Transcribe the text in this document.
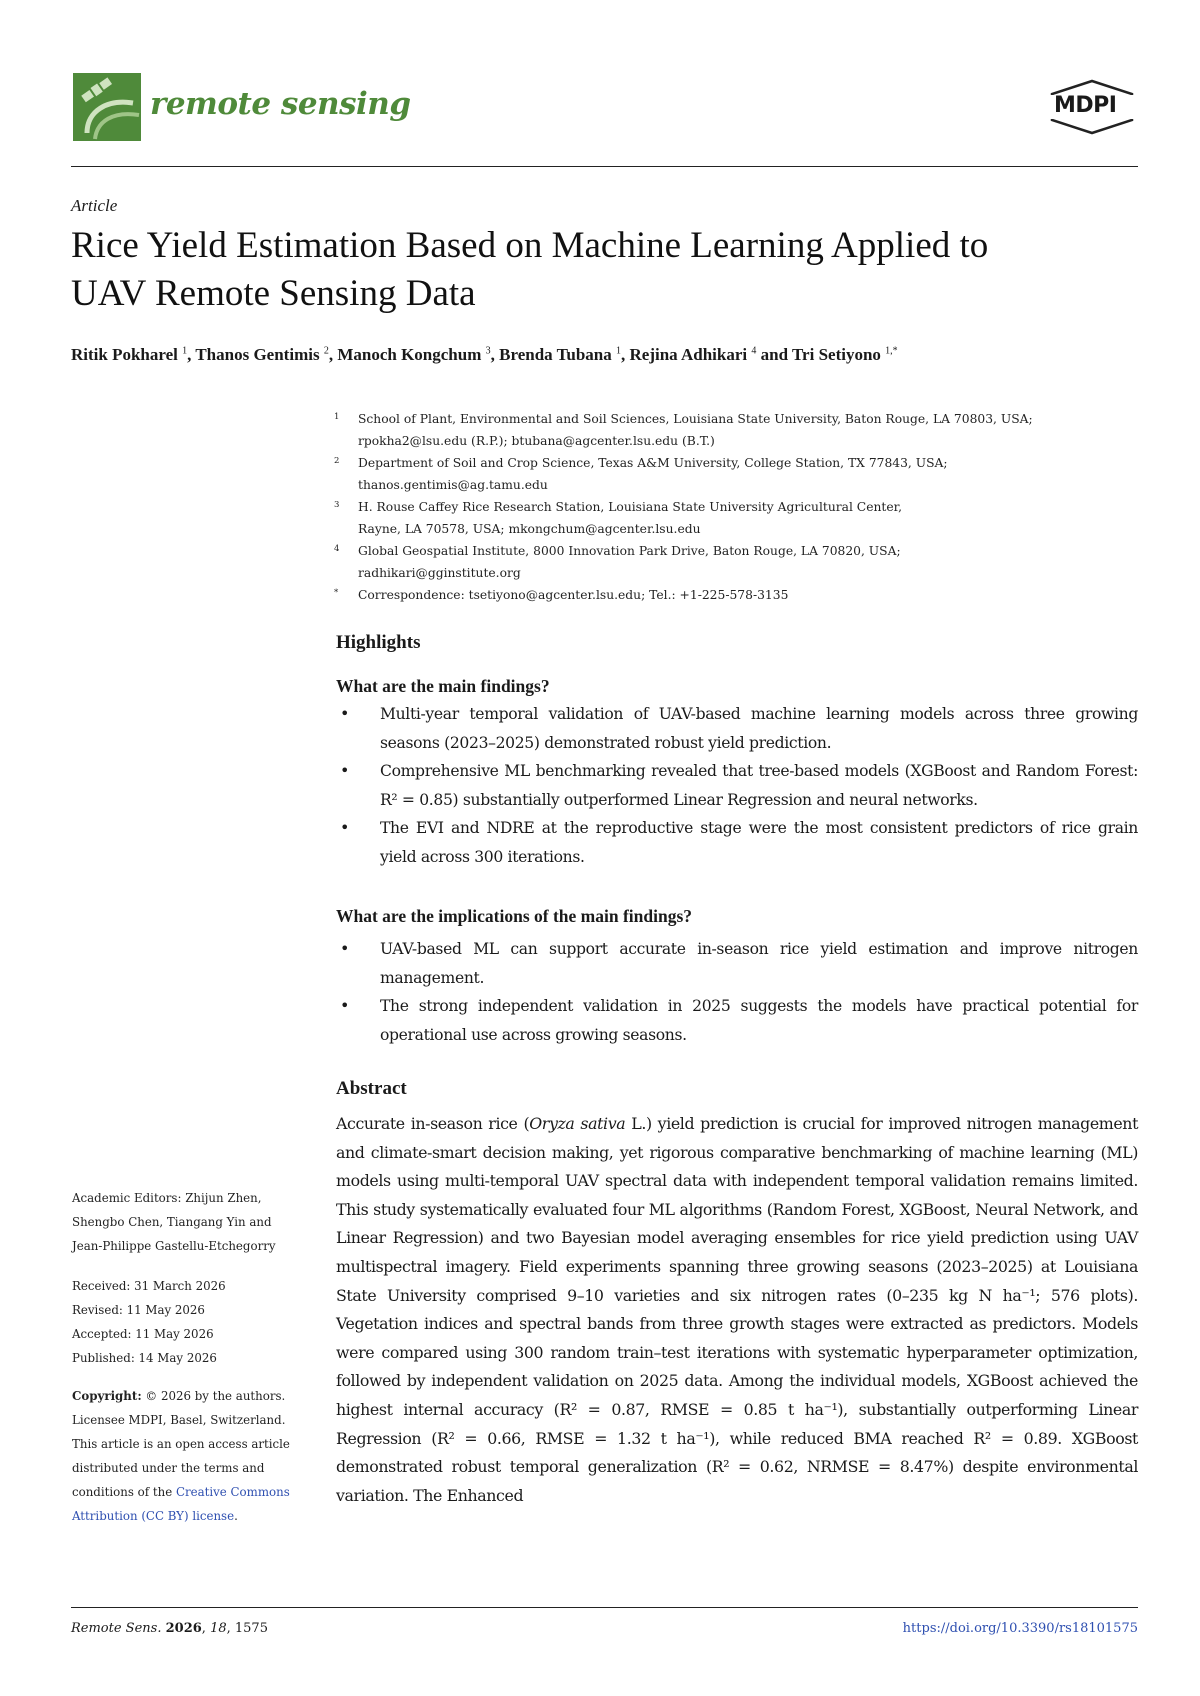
remote sensing	MDPI
Article
Rice Yield Estimation Based on Machine Learning Applied to
UAV Remote Sensing Data
Ritik Pokharel $^1$, Thanos Gentimis $^2$, Manoch Kongchum $^3$, Brenda Tubana $^1$, Rejina Adhikari $^4$ and Tri Setiyono $^{1,*}$
1 School of Plant, Environmental and Soil Sciences, Louisiana State University, Baton Rouge, LA 70803, USA;
rpokha2@lsu.edu (R.P.); btubana@agcenter.lsu.edu (B.T.)
2 Department of Soil and Crop Science, Texas A&M University, College Station, TX 77843, USA;
thanos.gentimis@ag.tamu.edu
3 H. Rouse Caffey Rice Research Station, Louisiana State University Agricultural Center,
Rayne, LA 70578, USA; mkongchum@agcenter.lsu.edu
4 Global Geospatial Institute, 8000 Innovation Park Drive, Baton Rouge, LA 70820, USA;
radhikari@gginstitute.org
* Correspondence: tsetiyono@agcenter.lsu.edu; Tel.: +1-225-578-3135
Highlights
What are the main findings?
• Multi-year temporal validation of UAV-based machine learning models across three growing seasons (2023–2025) demonstrated robust yield prediction.
• Comprehensive ML benchmarking revealed that tree-based models (XGBoost and Random Forest: R² = 0.85) substantially outperformed Linear Regression and neural networks.
• The EVI and NDRE at the reproductive stage were the most consistent predictors of rice grain yield across 300 iterations.
What are the implications of the main findings?
• UAV-based ML can support accurate in-season rice yield estimation and improve nitrogen management.
• The strong independent validation in 2025 suggests the models have practical potential for operational use across growing seasons.
Abstract
Accurate in-season rice (Oryza sativa L.) yield prediction is crucial for improved nitrogen management and climate-smart decision making, yet rigorous comparative benchmarking of machine learning (ML) models using multi-temporal UAV spectral data with independent temporal validation remains limited. This study systematically evaluated four ML algorithms (Random Forest, XGBoost, Neural Network, and Linear Regression) and two Bayesian model averaging ensembles for rice yield prediction using UAV multispectral imagery. Field experiments spanning three growing seasons (2023–2025) at Louisiana State University comprised 9–10 varieties and six nitrogen rates (0–235 kg N ha⁻¹; 576 plots). Vegetation indices and spectral bands from three growth stages were extracted as predictors. Models were compared using 300 random train–test iterations with systematic hyperparameter optimization, followed by independent validation on 2025 data. Among the individual models, XGBoost achieved the highest internal accuracy (R² = 0.87, RMSE = 0.85 t ha⁻¹), substantially outperforming Linear Regression (R² = 0.66, RMSE = 1.32 t ha⁻¹), while reduced BMA reached R² = 0.89. XGBoost demonstrated robust temporal generalization (R² = 0.62, NRMSE = 8.47%) despite environmental variation. The Enhanced
Academic Editors: Zhijun Zhen,
Shengbo Chen, Tiangang Yin and
Jean-Philippe Gastellu-Etchegorry
Received: 31 March 2026
Revised: 11 May 2026
Accepted: 11 May 2026
Published: 14 May 2026
Copyright: © 2026 by the authors.
Licensee MDPI, Basel, Switzerland.
This article is an open access article
distributed under the terms and
conditions of the Creative Commons
Attribution (CC BY) license.
Remote Sens. 2026, 18, 1575	https://doi.org/10.3390/rs18101575
